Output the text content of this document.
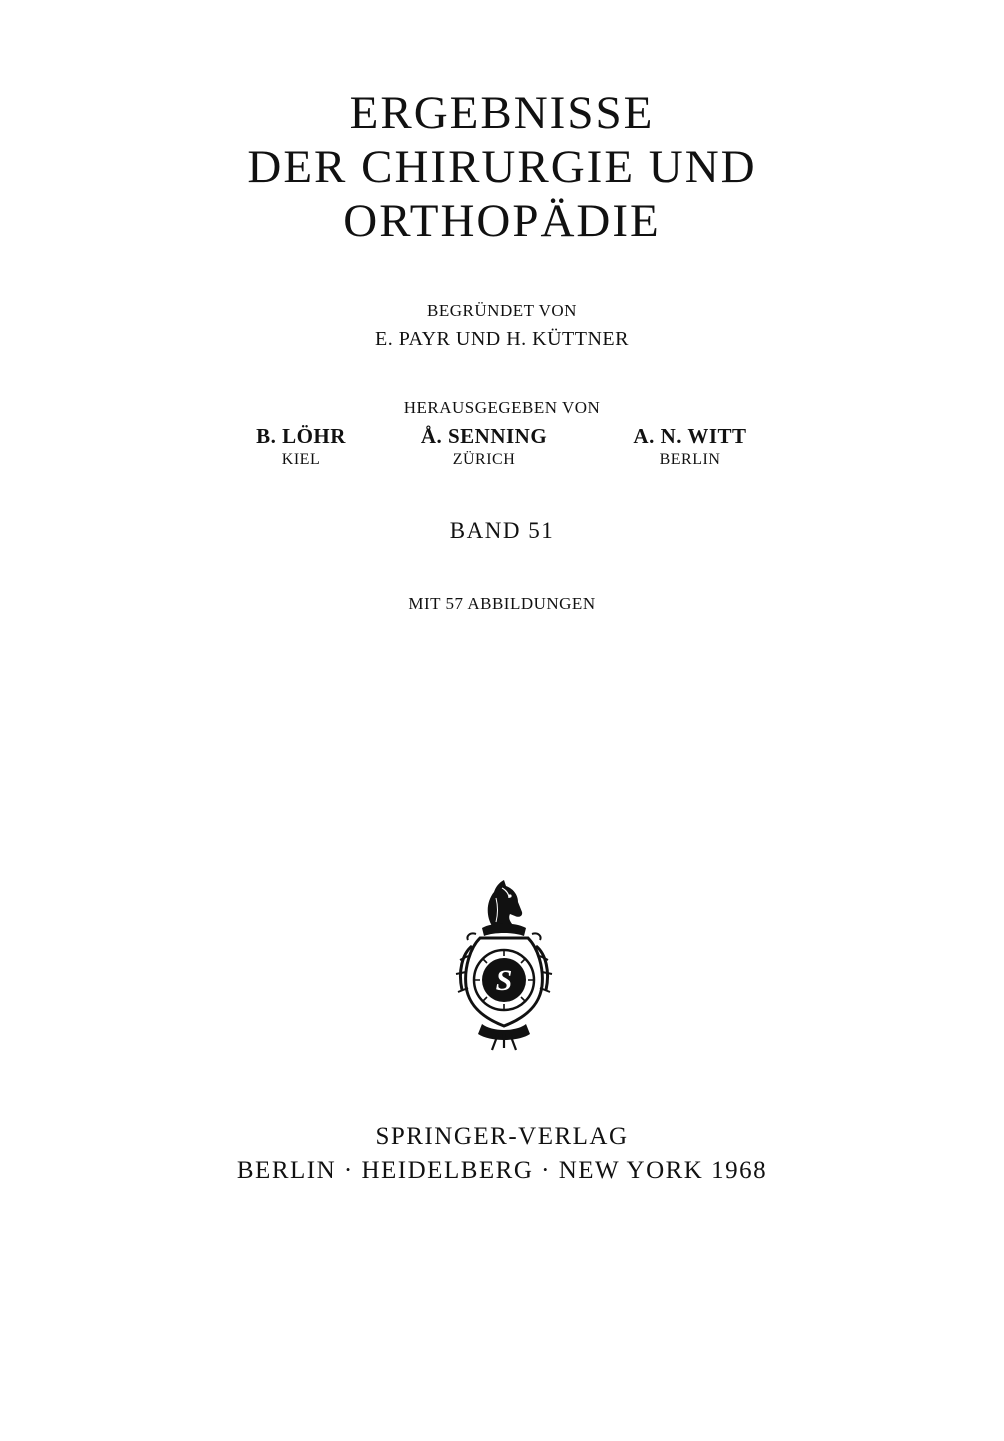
ERGEBNISSE
DER CHIRURGIE UND
ORTHOPÄDIE
BEGRÜNDET VON
E. PAYR UND H. KÜTTNER
HERAUSGEGEBEN VON
B. LÖHR
KIEL
Å. SENNING
ZÜRICH
A. N. WITT
BERLIN
BAND 51
MIT 57 ABBILDUNGEN
S
SPRINGER-VERLAG
BERLIN · HEIDELBERG · NEW YORK 1968
